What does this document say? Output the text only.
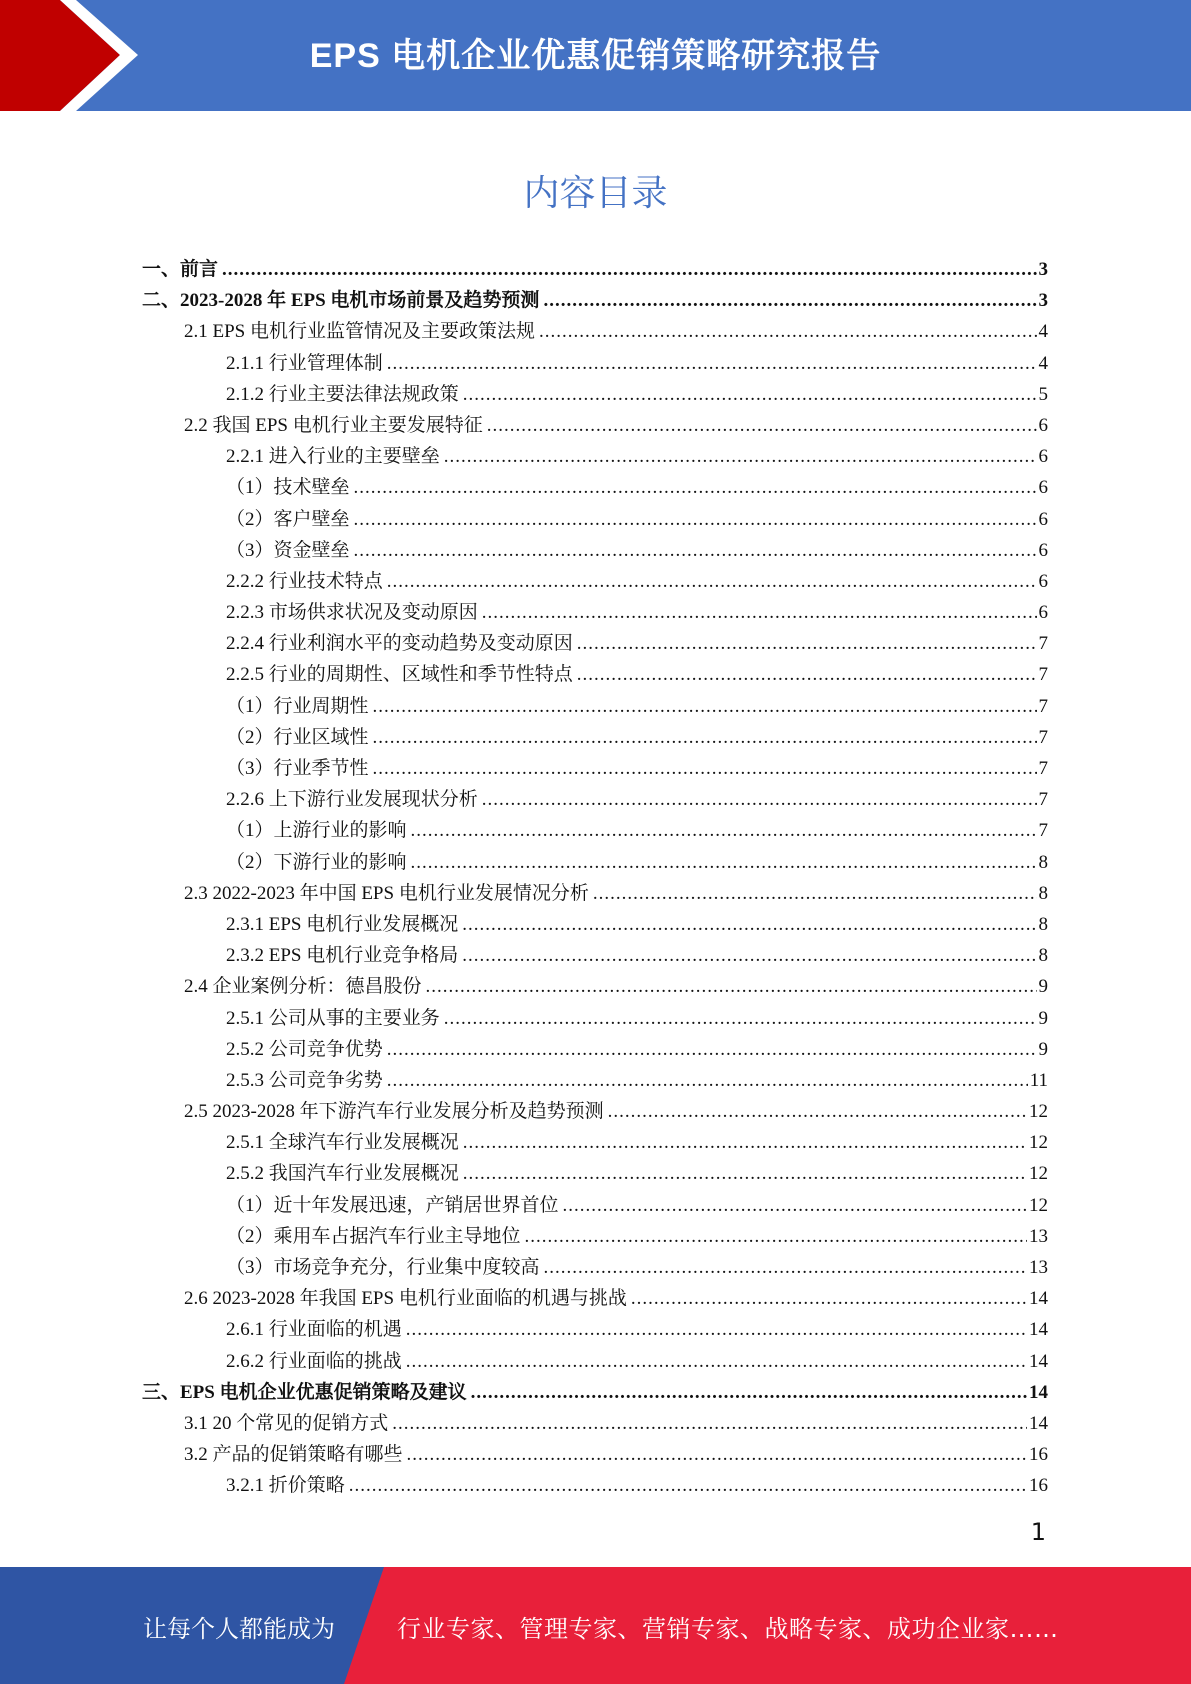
EPS 电机企业优惠促销策略研究报告
内容目录
一、前言 .....	3
二、2023-2028 年 EPS 电机市场前景及趋势预测 .....	3
2.1 EPS 电机行业监管情况及主要政策法规 .....	4
2.1.1 行业管理体制 .....	4
2.1.2 行业主要法律法规政策 .....	5
2.2 我国 EPS 电机行业主要发展特征 .....	6
2.2.1 进入行业的主要壁垒 .....	6
（1）技术壁垒 .....	6
（2）客户壁垒 .....	6
（3）资金壁垒 .....	6
2.2.2 行业技术特点 .....	6
2.2.3 市场供求状况及变动原因 .....	6
2.2.4 行业利润水平的变动趋势及变动原因 .....	7
2.2.5 行业的周期性、区域性和季节性特点 .....	7
（1）行业周期性 .....	7
（2）行业区域性 .....	7
（3）行业季节性 .....	7
2.2.6 上下游行业发展现状分析 .....	7
（1）上游行业的影响 .....	7
（2）下游行业的影响 .....	8
2.3 2022-2023 年中国 EPS 电机行业发展情况分析 .....	8
2.3.1 EPS 电机行业发展概况 .....	8
2.3.2 EPS 电机行业竞争格局 .....	8
2.4 企业案例分析：德昌股份 .....	9
2.5.1 公司从事的主要业务 .....	9
2.5.2 公司竞争优势 .....	9
2.5.3 公司竞争劣势 .....	11
2.5 2023-2028 年下游汽车行业发展分析及趋势预测 .....	12
2.5.1 全球汽车行业发展概况 .....	12
2.5.2 我国汽车行业发展概况 .....	12
（1）近十年发展迅速，产销居世界首位 .....	12
（2）乘用车占据汽车行业主导地位 .....	13
（3）市场竞争充分，行业集中度较高 .....	13
2.6 2023-2028 年我国 EPS 电机行业面临的机遇与挑战 .....	14
2.6.1 行业面临的机遇 .....	14
2.6.2 行业面临的挑战 .....	14
三、EPS 电机企业优惠促销策略及建议 .....	14
3.1 20 个常见的促销方式 .....	14
3.2 产品的促销策略有哪些 .....	16
3.2.1 折价策略 .....	16
1
让每个人都能成为	行业专家、管理专家、营销专家、战略专家、成功企业家……
